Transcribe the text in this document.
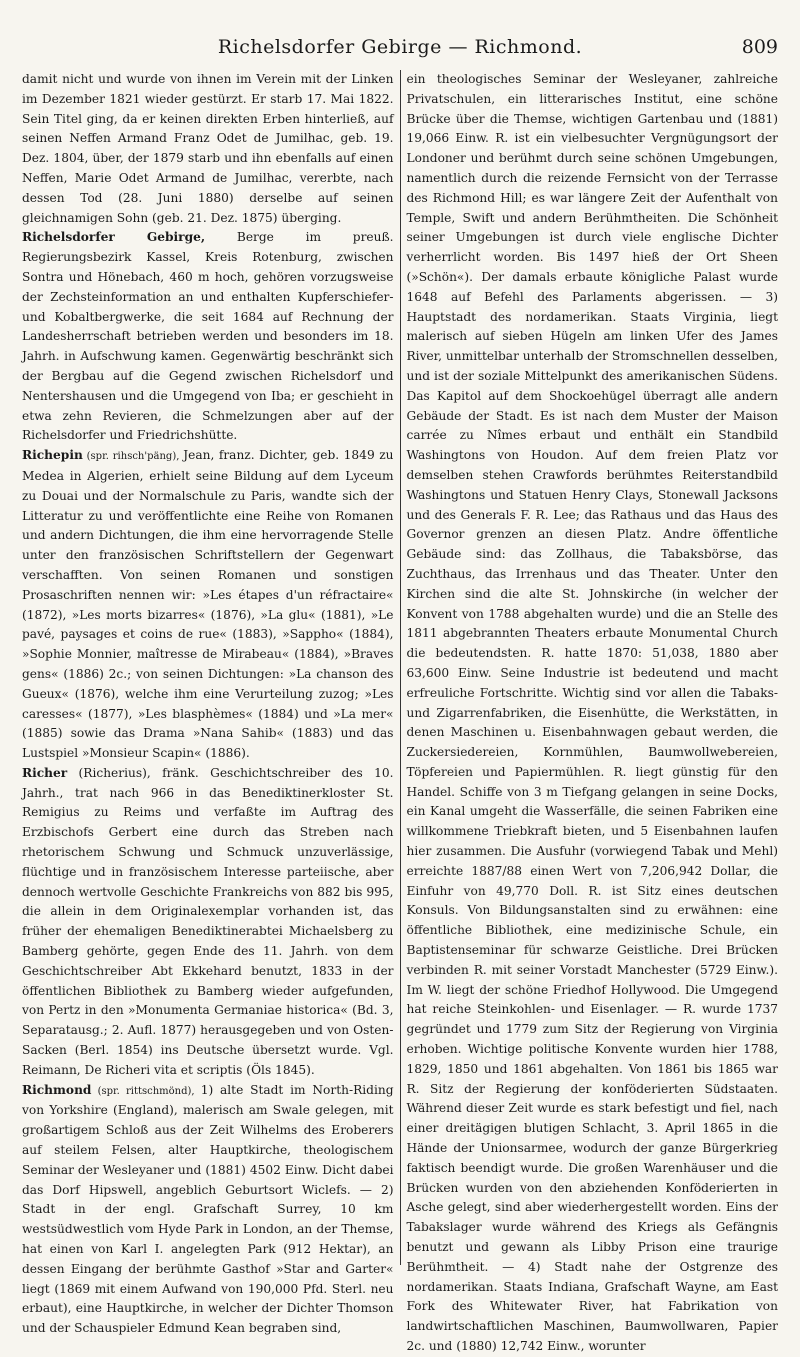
Richelsdorfer Gebirge — Richmond.	809

damit nicht und wurde von ihnen im Verein mit der Linken im Dezember 1821 wieder gestürzt. Er starb 17. Mai 1822. Sein Titel ging, da er keinen direkten Erben hinterließ, auf seinen Neffen Armand Franz Odet de Jumilhac, geb. 19. Dez. 1804, über, der 1879 starb und ihn ebenfalls auf einen Neffen, Marie Odet Armand de Jumilhac, vererbte, nach dessen Tod (28. Juni 1880) derselbe auf seinen gleichnamigen Sohn (geb. 21. Dez. 1875) überging.

Richelsdorfer Gebirge, Berge im preuß. Regierungsbezirk Kassel, Kreis Rotenburg, zwischen Sontra und Hönebach, 460 m hoch, gehören vorzugsweise der Zechsteinformation an und enthalten Kupferschiefer- und Kobaltbergwerke, die seit 1684 auf Rechnung der Landesherrschaft betrieben werden und besonders im 18. Jahrh. in Aufschwung kamen. Gegenwärtig beschränkt sich der Bergbau auf die Gegend zwischen Richelsdorf und Nentershausen und die Umgegend von Iba; er geschieht in etwa zehn Revieren, die Schmelzungen aber auf der Richelsdorfer und Friedrichshütte.

Richepin (spr. rihsch'päng), Jean, franz. Dichter, geb. 1849 zu Medea in Algerien, erhielt seine Bildung auf dem Lyceum zu Douai und der Normalschule zu Paris, wandte sich der Litteratur zu und veröffentlichte eine Reihe von Romanen und andern Dichtungen, die ihm eine hervorragende Stelle unter den französischen Schriftstellern der Gegenwart verschafften. Von seinen Romanen und sonstigen Prosaschriften nennen wir: »Les étapes d'un réfractaire« (1872), »Les morts bizarres« (1876), »La glu« (1881), »Le pavé, paysages et coins de rue« (1883), »Sappho« (1884), »Sophie Monnier, maîtresse de Mirabeau« (1884), »Braves gens« (1886) 2c.; von seinen Dichtungen: »La chanson des Gueux« (1876), welche ihm eine Verurteilung zuzog; »Les caresses« (1877), »Les blasphèmes« (1884) und »La mer« (1885) sowie das Drama »Nana Sahib« (1883) und das Lustspiel »Monsieur Scapin« (1886).

Richer (Richerius), fränk. Geschichtschreiber des 10. Jahrh., trat nach 966 in das Benediktinerkloster St. Remigius zu Reims und verfaßte im Auftrag des Erzbischofs Gerbert eine durch das Streben nach rhetorischem Schwung und Schmuck unzuverlässige, flüchtige und in französischem Interesse parteiische, aber dennoch wertvolle Geschichte Frankreichs von 882 bis 995, die allein in dem Originalexemplar vorhanden ist, das früher der ehemaligen Benediktinerabtei Michaelsberg zu Bamberg gehörte, gegen Ende des 11. Jahrh. von dem Geschichtschreiber Abt Ekkehard benutzt, 1833 in der öffentlichen Bibliothek zu Bamberg wieder aufgefunden, von Pertz in den »Monumenta Germaniae historica« (Bd. 3, Separatausg.; 2. Aufl. 1877) herausgegeben und von Osten-Sacken (Berl. 1854) ins Deutsche übersetzt wurde. Vgl. Reimann, De Richeri vita et scriptis (Öls 1845).

Richmond (spr. rittschmönd), 1) alte Stadt im North-Riding von Yorkshire (England), malerisch am Swale gelegen, mit großartigem Schloß aus der Zeit Wilhelms des Eroberers auf steilem Felsen, alter Hauptkirche, theologischem Seminar der Wesleyaner und (1881) 4502 Einw. Dicht dabei das Dorf Hipswell, angeblich Geburtsort Wiclefs. — 2) Stadt in der engl. Grafschaft Surrey, 10 km westsüdwestlich vom Hyde Park in London, an der Themse, hat einen von Karl I. angelegten Park (912 Hektar), an dessen Eingang der berühmte Gasthof »Star and Garter« liegt (1869 mit einem Aufwand von 190,000 Pfd. Sterl. neu erbaut), eine Hauptkirche, in welcher der Dichter Thomson und der Schauspieler Edmund Kean begraben sind,

ein theologisches Seminar der Wesleyaner, zahlreiche Privatschulen, ein litterarisches Institut, eine schöne Brücke über die Themse, wichtigen Gartenbau und (1881) 19,066 Einw. R. ist ein vielbesuchter Vergnügungsort der Londoner und berühmt durch seine schönen Umgebungen, namentlich durch die reizende Fernsicht von der Terrasse des Richmond Hill; es war längere Zeit der Aufenthalt von Temple, Swift und andern Berühmtheiten. Die Schönheit seiner Umgebungen ist durch viele englische Dichter verherrlicht worden. Bis 1497 hieß der Ort Sheen (»Schön«). Der damals erbaute königliche Palast wurde 1648 auf Befehl des Parlaments abgerissen. — 3) Hauptstadt des nordamerikan. Staats Virginia, liegt malerisch auf sieben Hügeln am linken Ufer des James River, unmittelbar unterhalb der Stromschnellen desselben, und ist der soziale Mittelpunkt des amerikanischen Südens. Das Kapitol auf dem Shockoehügel überragt alle andern Gebäude der Stadt. Es ist nach dem Muster der Maison carrée zu Nîmes erbaut und enthält ein Standbild Washingtons von Houdon. Auf dem freien Platz vor demselben stehen Crawfords berühmtes Reiterstandbild Washingtons und Statuen Henry Clays, Stonewall Jacksons und des Generals F. R. Lee; das Rathaus und das Haus des Governor grenzen an diesen Platz. Andre öffentliche Gebäude sind: das Zollhaus, die Tabaksbörse, das Zuchthaus, das Irrenhaus und das Theater. Unter den Kirchen sind die alte St. Johnskirche (in welcher der Konvent von 1788 abgehalten wurde) und die an Stelle des 1811 abgebrannten Theaters erbaute Monumental Church die bedeutendsten. R. hatte 1870: 51,038, 1880 aber 63,600 Einw. Seine Industrie ist bedeutend und macht erfreuliche Fortschritte. Wichtig sind vor allen die Tabaks- und Zigarrenfabriken, die Eisenhütte, die Werkstätten, in denen Maschinen u. Eisenbahnwagen gebaut werden, die Zuckersiedereien, Kornmühlen, Baumwollwebereien, Töpfereien und Papiermühlen. R. liegt günstig für den Handel. Schiffe von 3 m Tiefgang gelangen in seine Docks, ein Kanal umgeht die Wasserfälle, die seinen Fabriken eine willkommene Triebkraft bieten, und 5 Eisenbahnen laufen hier zusammen. Die Ausfuhr (vorwiegend Tabak und Mehl) erreichte 1887/88 einen Wert von 7,206,942 Dollar, die Einfuhr von 49,770 Doll. R. ist Sitz eines deutschen Konsuls. Von Bildungsanstalten sind zu erwähnen: eine öffentliche Bibliothek, eine medizinische Schule, ein Baptistenseminar für schwarze Geistliche. Drei Brücken verbinden R. mit seiner Vorstadt Manchester (5729 Einw.). Im W. liegt der schöne Friedhof Hollywood. Die Umgegend hat reiche Steinkohlen- und Eisenlager. — R. wurde 1737 gegründet und 1779 zum Sitz der Regierung von Virginia erhoben. Wichtige politische Konvente wurden hier 1788, 1829, 1850 und 1861 abgehalten. Von 1861 bis 1865 war R. Sitz der Regierung der konföderierten Südstaaten. Während dieser Zeit wurde es stark befestigt und fiel, nach einer dreitägigen blutigen Schlacht, 3. April 1865 in die Hände der Unionsarmee, wodurch der ganze Bürgerkrieg faktisch beendigt wurde. Die großen Warenhäuser und die Brücken wurden von den abziehenden Konföderierten in Asche gelegt, sind aber wiederhergestellt worden. Eins der Tabakslager wurde während des Kriegs als Gefängnis benutzt und gewann als Libby Prison eine traurige Berühmtheit. — 4) Stadt nahe der Ostgrenze des nordamerikan. Staats Indiana, Grafschaft Wayne, am East Fork des Whitewater River, hat Fabrikation von landwirtschaftlichen Maschinen, Baumwollwaren, Papier 2c. und (1880) 12,742 Einw., worunter
